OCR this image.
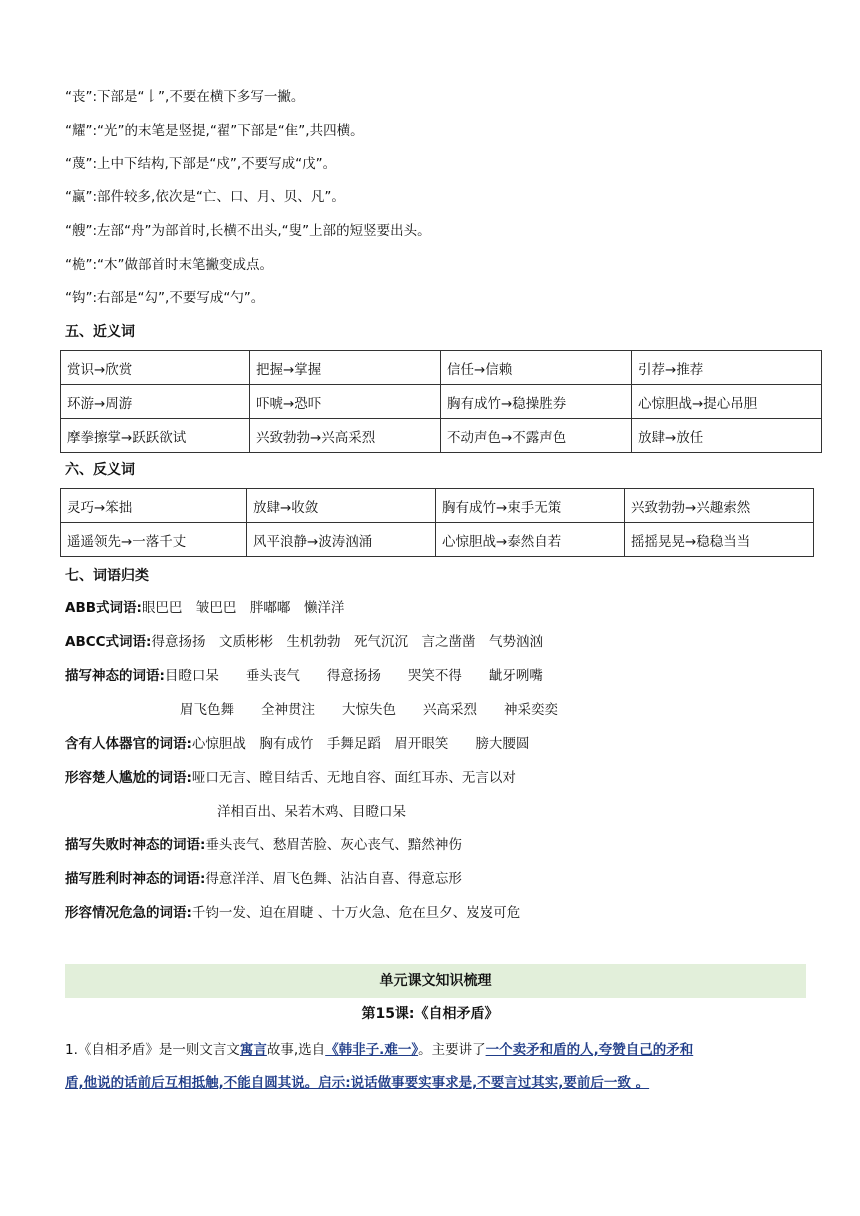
“丧”:下部是“𠄌”,不要在横下多写一撇。
“耀”:“光”的末笔是竖提,“翟”下部是“隹”,共四横。
“蔑”:上中下结构,下部是“戍”,不要写成“戊”。
“赢”:部件较多,依次是“亡、口、月、贝、凡”。
“艘”:左部“舟”为部首时,长横不出头,“叟”上部的短竖要出头。
“桅”:“木”做部首时末笔撇变成点。
“钩”:右部是“勾”,不要写成“勺”。
五、近义词
赏识→欣赏	把握→掌握	信任→信赖	引荐→推荐
环游→周游	吓唬→恐吓	胸有成竹→稳操胜券	心惊胆战→提心吊胆
摩拳擦掌→跃跃欲试	兴致勃勃→兴高采烈	不动声色→不露声色	放肆→放任
六、反义词
灵巧→笨拙	放肆→收敛	胸有成竹→束手无策	兴致勃勃→兴趣索然
遥遥领先→一落千丈	风平浪静→波涛汹涌	心惊胆战→泰然自若	摇摇晃晃→稳稳当当
七、词语归类
ABB式词语:眼巴巴　皱巴巴　胖嘟嘟　懒洋洋
ABCC式词语:得意扬扬　文质彬彬　生机勃勃　死气沉沉　言之凿凿　气势汹汹
描写神态的词语:目瞪口呆　　垂头丧气　　得意扬扬　　哭笑不得　　龇牙咧嘴
眉飞色舞　　全神贯注　　大惊失色　　兴高采烈　　神采奕奕
含有人体器官的词语:心惊胆战　胸有成竹　手舞足蹈　眉开眼笑　　膀大腰圆
形容楚人尴尬的词语:哑口无言、瞠目结舌、无地自容、面红耳赤、无言以对
洋相百出、呆若木鸡、目瞪口呆
描写失败时神态的词语:垂头丧气、愁眉苦脸、灰心丧气、黯然神伤
描写胜利时神态的词语:得意洋洋、眉飞色舞、沾沾自喜、得意忘形
形容情况危急的词语:千钧一发、迫在眉睫 、十万火急、危在旦夕、岌岌可危
单元课文知识梳理
第15课:《自相矛盾》
1.《自相矛盾》是一则文言文寓言故事,选自《韩非子.难一》。主要讲了一个卖矛和盾的人,夸赞自己的矛和
盾,他说的话前后互相抵触,不能自圆其说。启示:说话做事要实事求是,不要言过其实,要前后一致 。
